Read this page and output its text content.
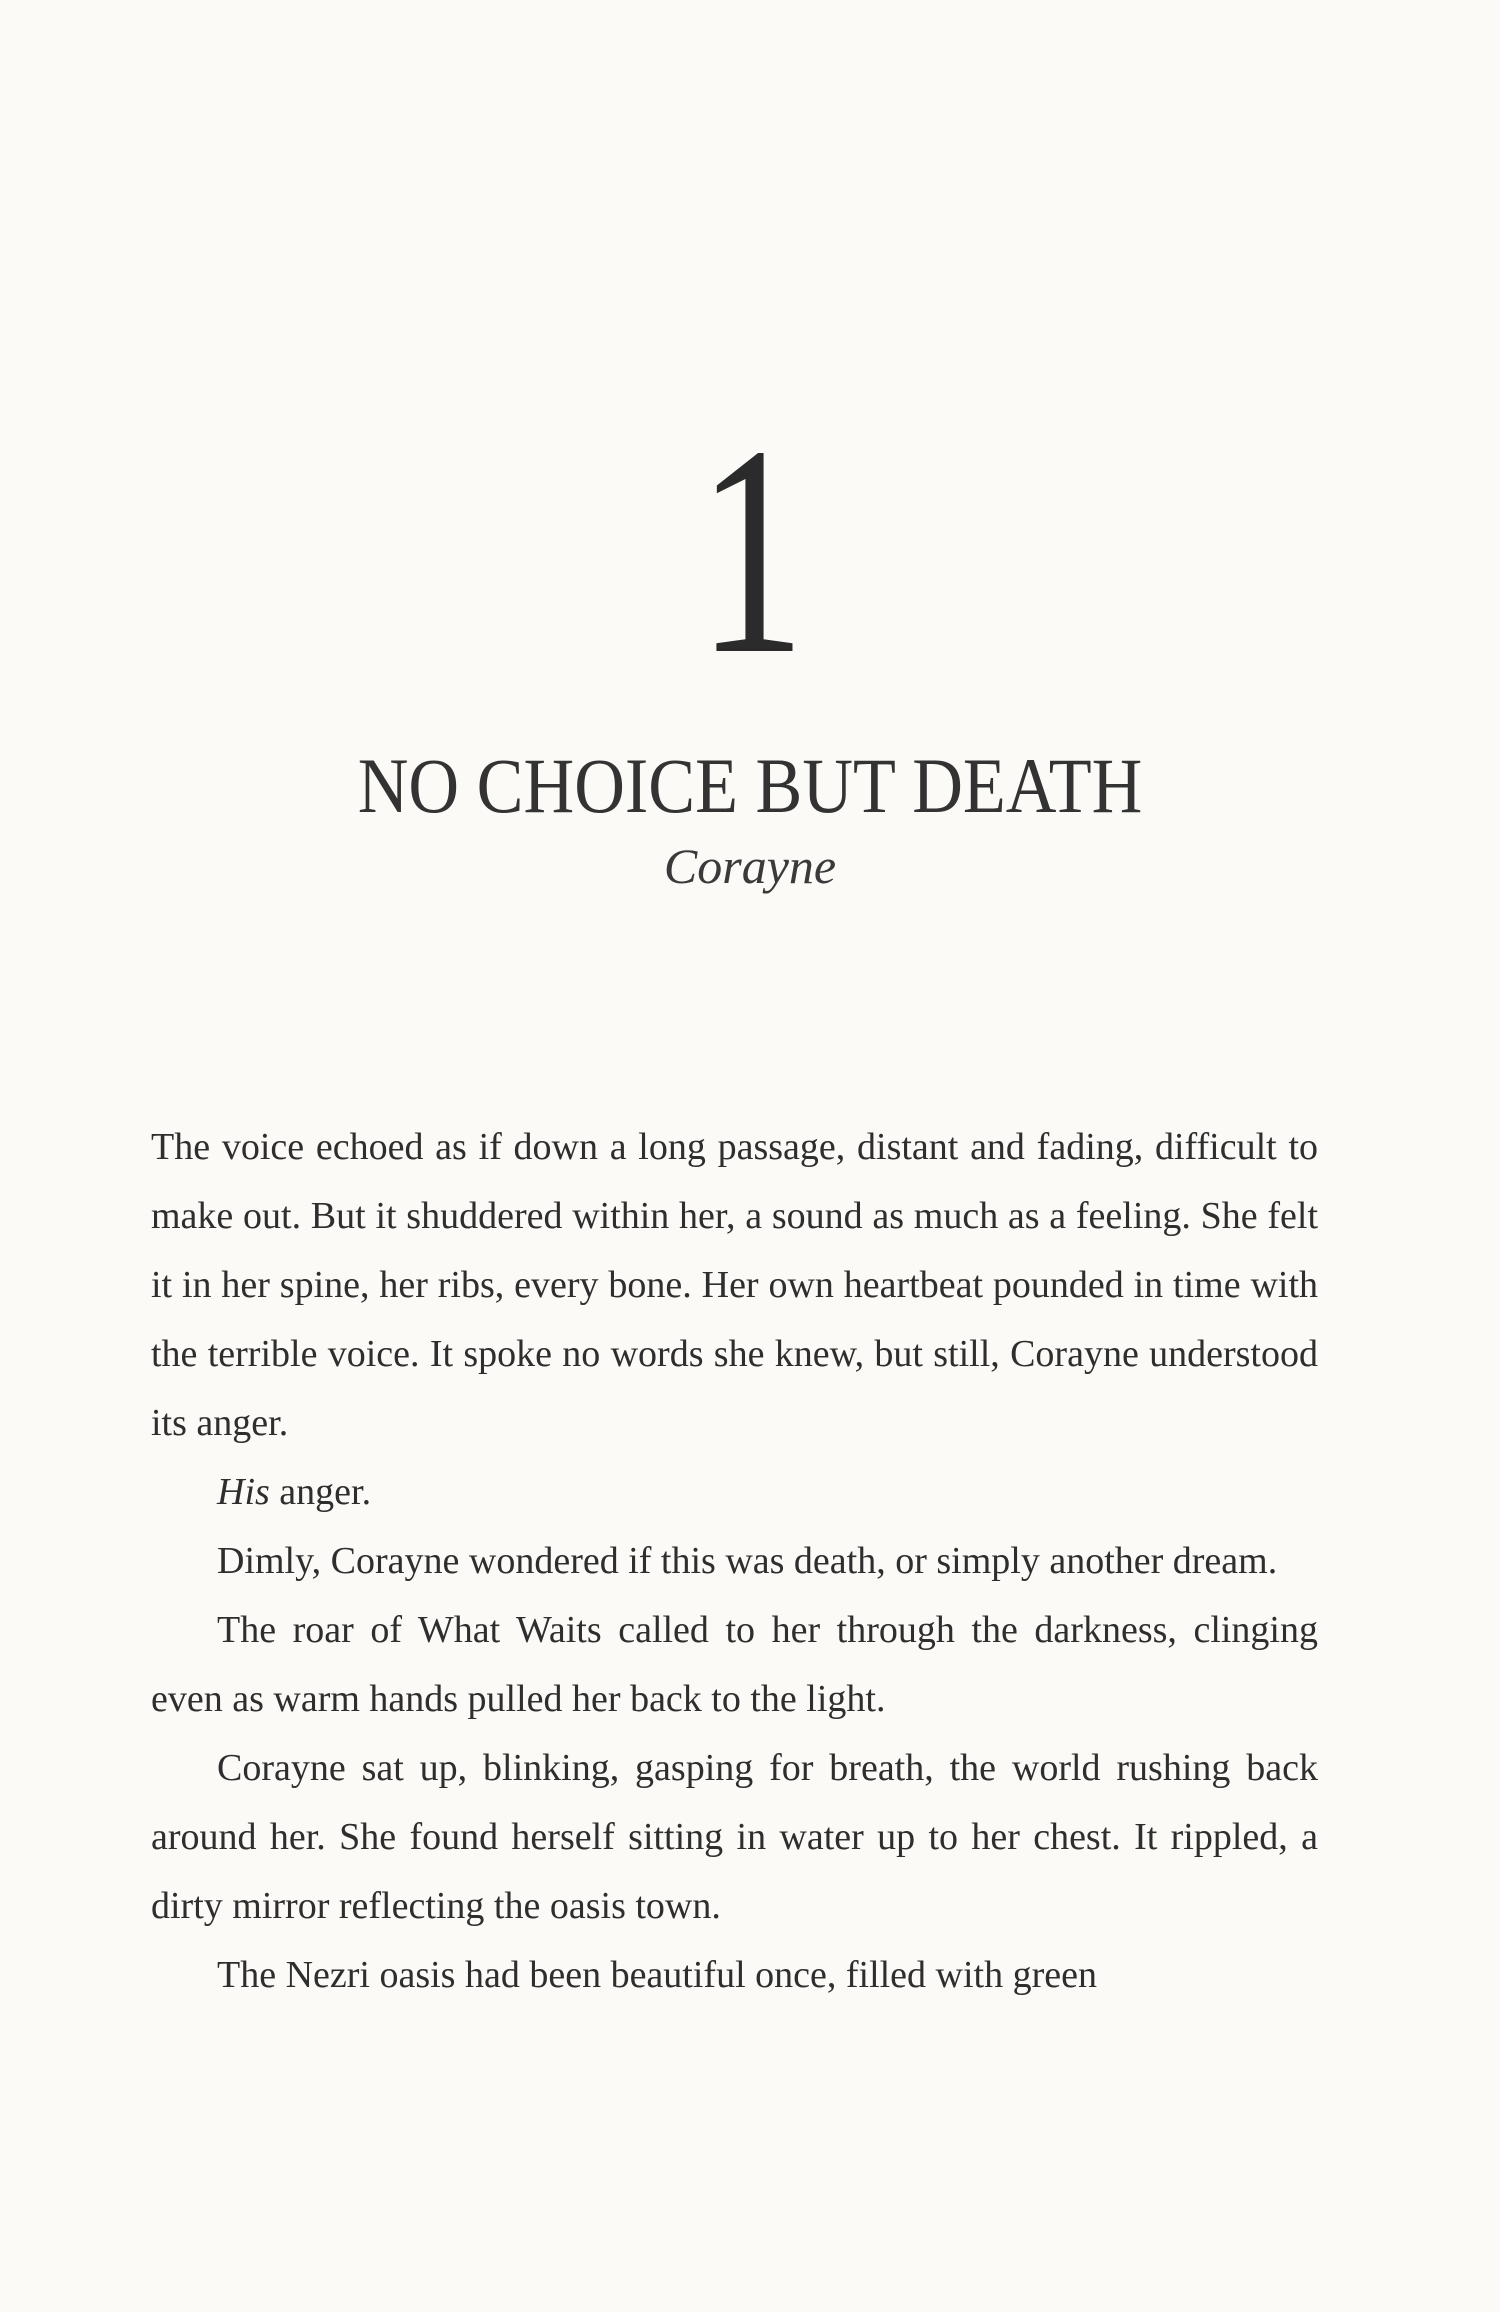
1
NO CHOICE BUT DEATH
Corayne

The voice echoed as if down a long passage, distant and fading, difficult to make out. But it shuddered within her, a sound as much as a feeling. She felt it in her spine, her ribs, every bone. Her own heartbeat pounded in time with the terrible voice. It spoke no words she knew, but still, Corayne understood its anger.

His anger.

Dimly, Corayne wondered if this was death, or simply another dream.

The roar of What Waits called to her through the darkness, clinging even as warm hands pulled her back to the light.

Corayne sat up, blinking, gasping for breath, the world rushing back around her. She found herself sitting in water up to her chest. It rippled, a dirty mirror reflecting the oasis town.

The Nezri oasis had been beautiful once, filled with green
